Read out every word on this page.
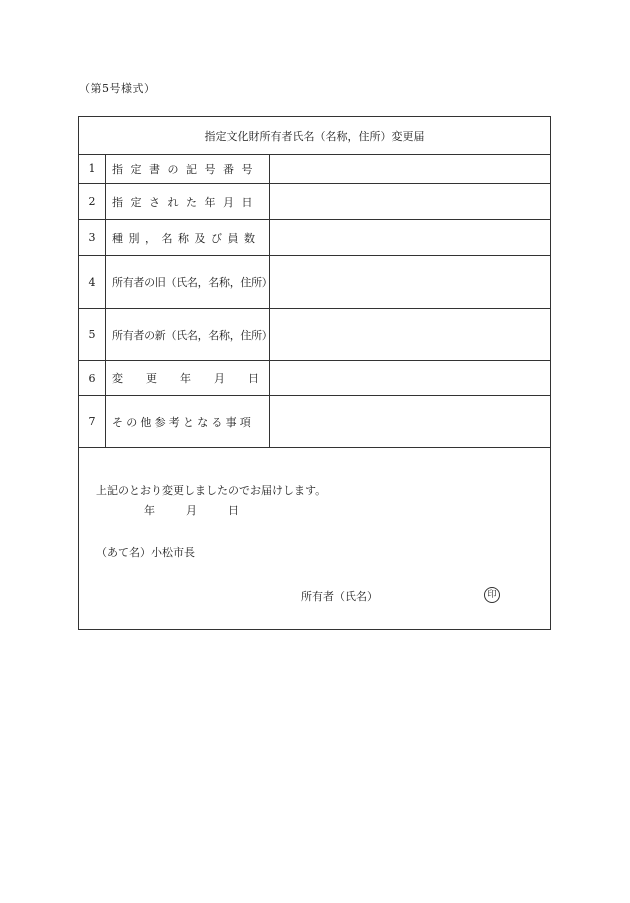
（第5号様式）
指定文化財所有者氏名（名称，住所）変更届
1	指定書の記号番号
2	指定された年月日
3	種別，名称及び員数
4	所有者の旧（氏名，名称，住所）
5	所有者の新（氏名，名称，住所）
6	変更年月日
7	その他参考となる事項
上記のとおり変更しましたのでお届けします。
年	月	日
（あて名）小松市長
所有者（氏名）	印
